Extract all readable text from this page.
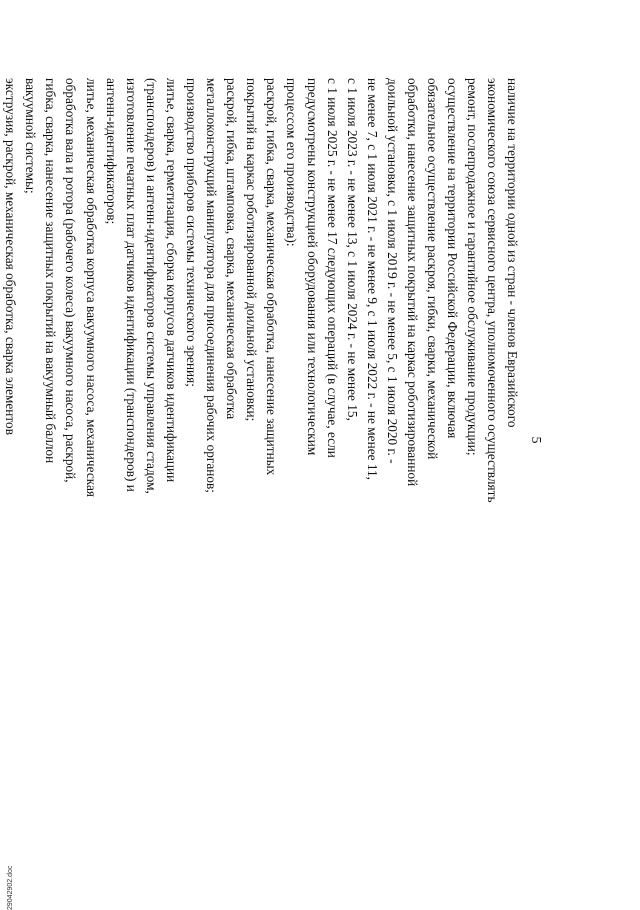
5

наличие на территории одной из стран - членов Евразийского
экономического союза сервисного центра, уполномоченного осуществлять
ремонт, послепродажное и гарантийное обслуживание продукции;
осуществление на территории Российской Федерации, включая
обязательное осуществление раскроя, гибки, сварки, механической
обработки, нанесение защитных покрытий на каркас роботизированной
доильной установки, с 1 июля 2019 г. - не менее 5, с 1 июля 2020 г. -
не менее 7, с 1 июля 2021 г. - не менее 9, с 1 июля 2022 г. - не менее 11,
с 1 июля 2023 г. - не менее 13, с 1 июля 2024 г. - не менее 15,
с 1 июля 2025 г. - не менее 17 следующих операций (в случае, если
предусмотрены конструкцией оборудования или технологическим
процессом его производства):
раскрой, гибка, сварка, механическая обработка, нанесение защитных
покрытий на каркас роботизированной доильной установки;
раскрой, гибка, штамповка, сварка, механическая обработка
металлоконструкций манипулятора для присоединения рабочих органов;
производство приборов системы технического зрения;
литье, сварка, герметизация, сборка корпусов датчиков идентификации
(транспондеров) и антенн-идентификаторов системы управления стадом,
изготовление печатных плат датчиков идентификации (транспондеров) и
антенн-идентификаторов;
литье, механическая обработка корпуса вакуумного насоса, механическая
обработка вала и ротора (рабочего колеса) вакуумного насоса, раскрой,
гибка, сварка, нанесение защитных покрытий на вакуумный баллон
вакуумной системы;
экструзия, раскрой, механическая обработка, сварка элементов
29042902.doc
